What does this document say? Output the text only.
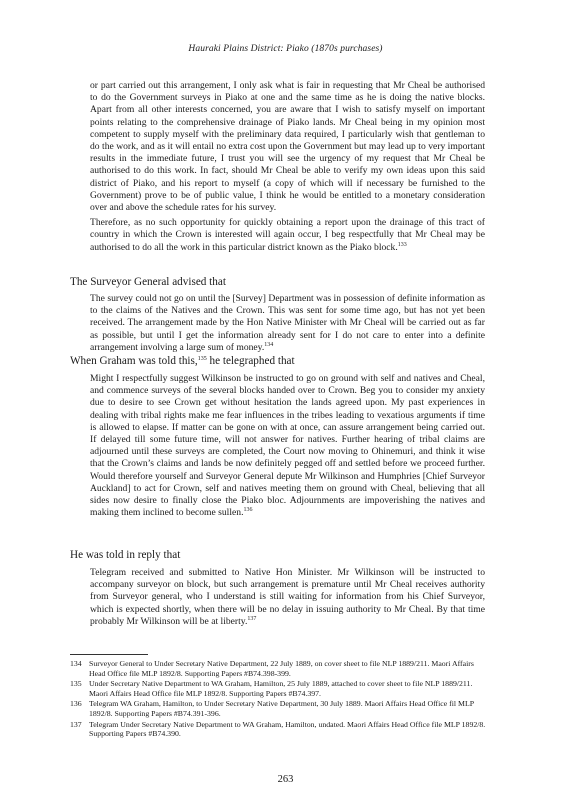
Hauraki Plains District: Piako (1870s purchases)

or part carried out this arrangement, I only ask what is fair in requesting that Mr Cheal be authorised to do the Government surveys in Piako at one and the same time as he is doing the native blocks. Apart from all other interests concerned, you are aware that I wish to satisfy myself on important points relating to the comprehensive drainage of Piako lands. Mr Cheal being in my opinion most competent to supply myself with the preliminary data required, I particularly wish that gentleman to do the work, and as it will entail no extra cost upon the Government but may lead up to very important results in the immediate future, I trust you will see the urgency of my request that Mr Cheal be authorised to do this work. In fact, should Mr Cheal be able to verify my own ideas upon this said district of Piako, and his report to myself (a copy of which will if necessary be furnished to the Government) prove to be of public value, I think he would be entitled to a monetary consideration over and above the schedule rates for his survey.

Therefore, as no such opportunity for quickly obtaining a report upon the drainage of this tract of country in which the Crown is interested will again occur, I beg respectfully that Mr Cheal may be authorised to do all the work in this particular district known as the Piako block.$^{133}$

The Surveyor General advised that

The survey could not go on until the [Survey] Department was in possession of definite information as to the claims of the Natives and the Crown. This was sent for some time ago, but has not yet been received. The arrangement made by the Hon Native Minister with Mr Cheal will be carried out as far as possible, but until I get the information already sent for I do not care to enter into a definite arrangement involving a large sum of money.$^{134}$

When Graham was told this,$^{135}$ he telegraphed that

Might I respectfully suggest Wilkinson be instructed to go on ground with self and natives and Cheal, and commence surveys of the several blocks handed over to Crown. Beg you to consider my anxiety due to desire to see Crown get without hesitation the lands agreed upon. My past experiences in dealing with tribal rights make me fear influences in the tribes leading to vexatious arguments if time is allowed to elapse. If matter can be gone on with at once, can assure arrangement being carried out. If delayed till some future time, will not answer for natives. Further hearing of tribal claims are adjourned until these surveys are completed, the Court now moving to Ohinemuri, and think it wise that the Crown’s claims and lands be now definitely pegged off and settled before we proceed further. Would therefore yourself and Surveyor General depute Mr Wilkinson and Humphries [Chief Surveyor Auckland] to act for Crown, self and natives meeting them on ground with Cheal, believing that all sides now desire to finally close the Piako bloc. Adjournments are impoverishing the natives and making them inclined to become sullen.$^{136}$

He was told in reply that

Telegram received and submitted to Native Hon Minister. Mr Wilkinson will be instructed to accompany surveyor on block, but such arrangement is premature until Mr Cheal receives authority from Surveyor general, who I understand is still waiting for information from his Chief Surveyor, which is expected shortly, when there will be no delay in issuing authority to Mr Cheal. By that time probably Mr Wilkinson will be at liberty.$^{137}$

134 Surveyor General to Under Secretary Native Department, 22 July 1889, on cover sheet to file NLP 1889/211. Maori Affairs Head Office file MLP 1892/8. Supporting Papers #B74.398-399.
135 Under Secretary Native Department to WA Graham, Hamilton, 25 July 1889, attached to cover sheet to file NLP 1889/211. Maori Affairs Head Office file MLP 1892/8. Supporting Papers #B74.397.
136 Telegram WA Graham, Hamilton, to Under Secretary Native Department, 30 July 1889. Maori Affairs Head Office fil MLP 1892/8. Supporting Papers #B74.391-396.
137 Telegram Under Secretary Native Department to WA Graham, Hamilton, undated. Maori Affairs Head Office file MLP 1892/8. Supporting Papers #B74.390.
263
